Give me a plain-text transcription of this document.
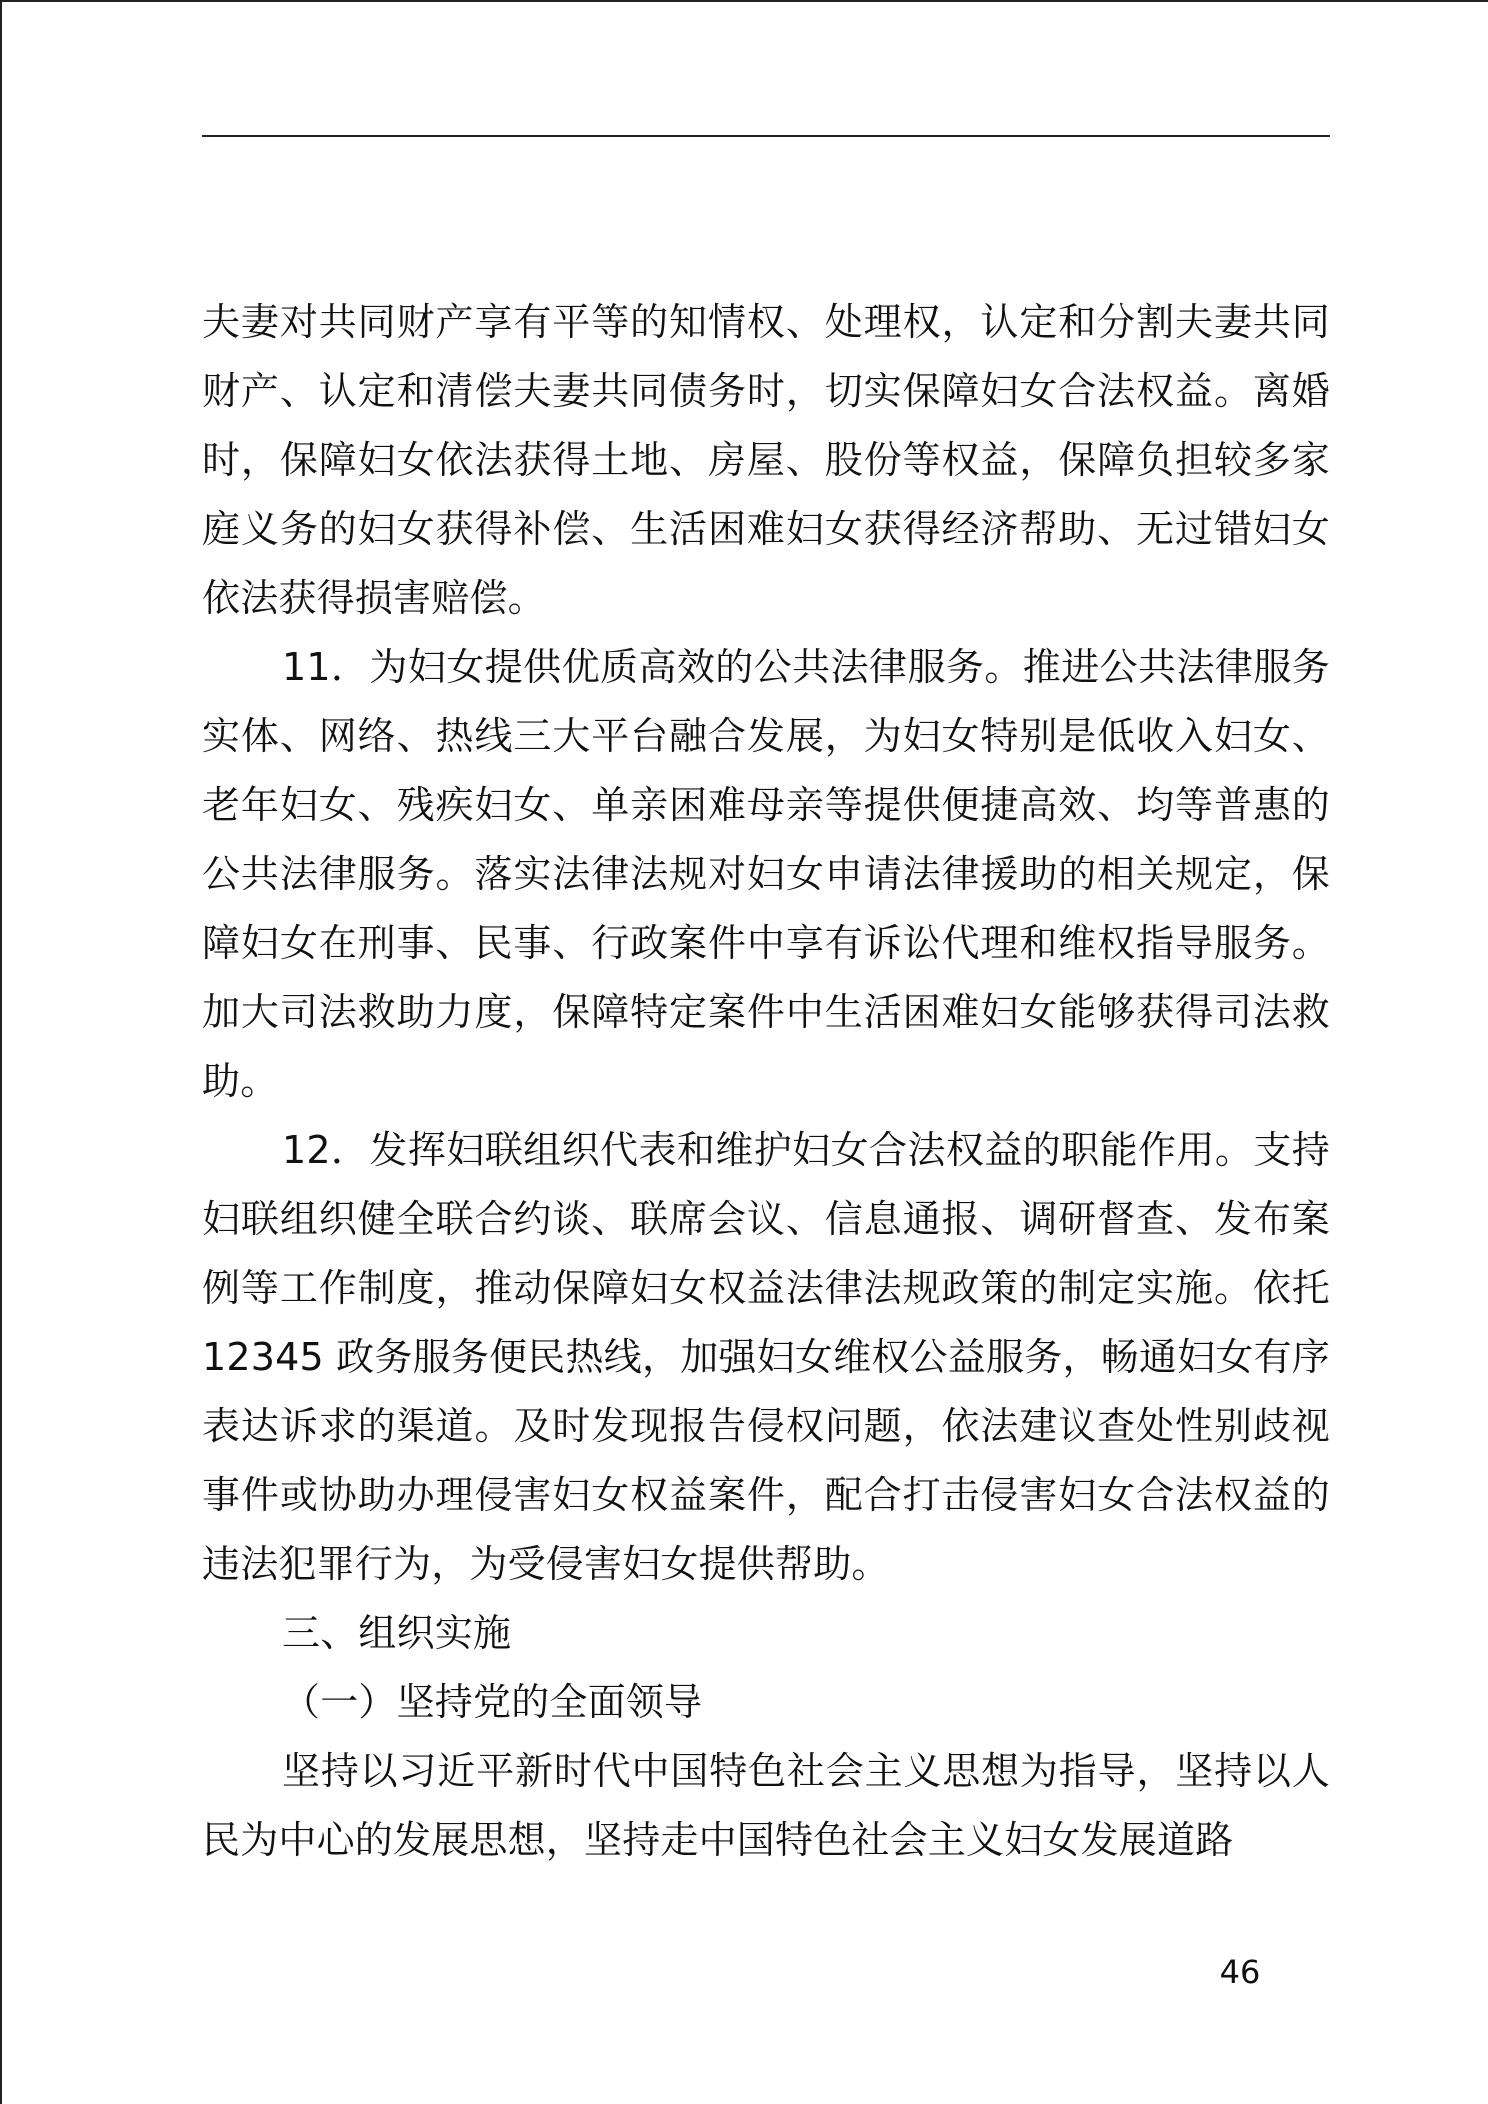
夫妻对共同财产享有平等的知情权、处理权，认定和分割夫妻共同财产、认定和清偿夫妻共同债务时，切实保障妇女合法权益。离婚时，保障妇女依法获得土地、房屋、股份等权益，保障负担较多家庭义务的妇女获得补偿、生活困难妇女获得经济帮助、无过错妇女依法获得损害赔偿。

11．为妇女提供优质高效的公共法律服务。推进公共法律服务实体、网络、热线三大平台融合发展，为妇女特别是低收入妇女、老年妇女、残疾妇女、单亲困难母亲等提供便捷高效、均等普惠的公共法律服务。落实法律法规对妇女申请法律援助的相关规定，保障妇女在刑事、民事、行政案件中享有诉讼代理和维权指导服务。加大司法救助力度，保障特定案件中生活困难妇女能够获得司法救助。

12．发挥妇联组织代表和维护妇女合法权益的职能作用。支持妇联组织健全联合约谈、联席会议、信息通报、调研督查、发布案例等工作制度，推动保障妇女权益法律法规政策的制定实施。依托 12345 政务服务便民热线，加强妇女维权公益服务，畅通妇女有序表达诉求的渠道。及时发现报告侵权问题，依法建议查处性别歧视事件或协助办理侵害妇女权益案件，配合打击侵害妇女合法权益的违法犯罪行为，为受侵害妇女提供帮助。

三、组织实施

（一）坚持党的全面领导

坚持以习近平新时代中国特色社会主义思想为指导，坚持以人民为中心的发展思想，坚持走中国特色社会主义妇女发展道路

46
